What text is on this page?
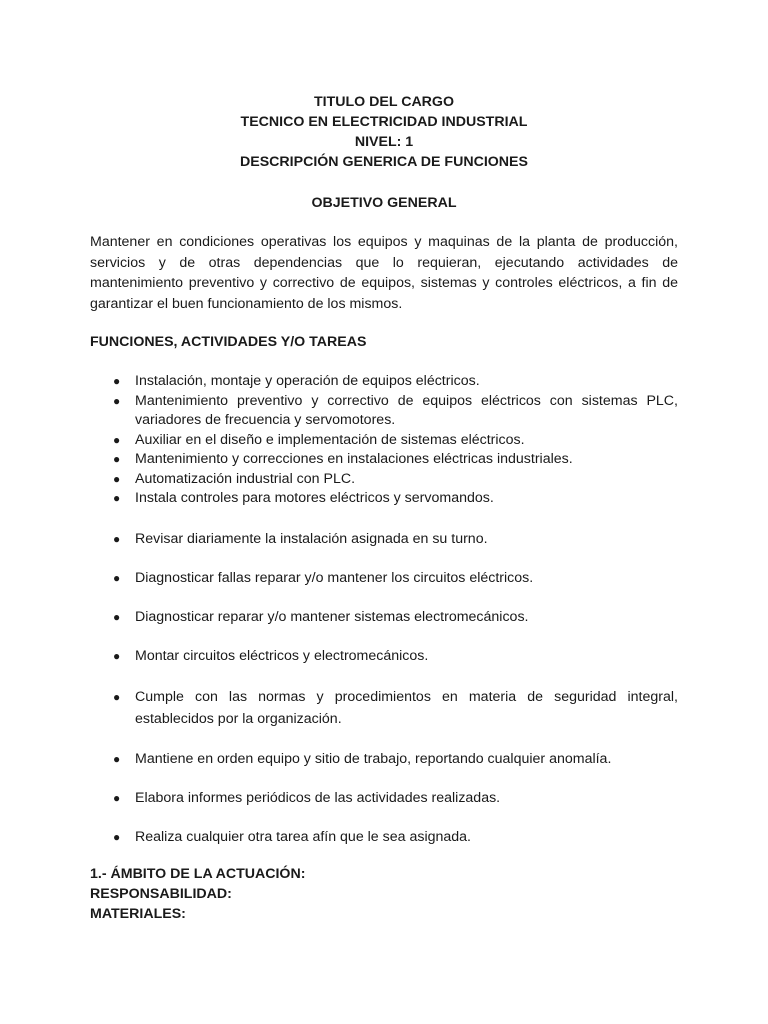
TITULO DEL CARGO
TECNICO EN ELECTRICIDAD INDUSTRIAL
NIVEL: 1
DESCRIPCIÓN GENERICA DE FUNCIONES
OBJETIVO GENERAL

Mantener en condiciones operativas los equipos y maquinas de la planta de producción, servicios y de otras dependencias que lo requieran, ejecutando actividades de mantenimiento preventivo y correctivo de equipos, sistemas y controles eléctricos, a fin de garantizar el buen funcionamiento de los mismos.

FUNCIONES, ACTIVIDADES Y/O TAREAS
● Instalación, montaje y operación de equipos eléctricos.
● Mantenimiento preventivo y correctivo de equipos eléctricos con sistemas PLC, variadores de frecuencia y servomotores.
● Auxiliar en el diseño e implementación de sistemas eléctricos.
● Mantenimiento y correcciones en instalaciones eléctricas industriales.
● Automatización industrial con PLC.
● Instala controles para motores eléctricos y servomandos.
● Revisar diariamente la instalación asignada en su turno.
● Diagnosticar fallas reparar y/o mantener los circuitos eléctricos.
● Diagnosticar reparar y/o mantener sistemas electromecánicos.
● Montar circuitos eléctricos y electromecánicos.
● Cumple con las normas y procedimientos en materia de seguridad integral, establecidos por la organización.
● Mantiene en orden equipo y sitio de trabajo, reportando cualquier anomalía.
● Elabora informes periódicos de las actividades realizadas.
● Realiza cualquier otra tarea afín que le sea asignada.
1.- ÁMBITO DE LA ACTUACIÓN:
RESPONSABILIDAD:
MATERIALES:
